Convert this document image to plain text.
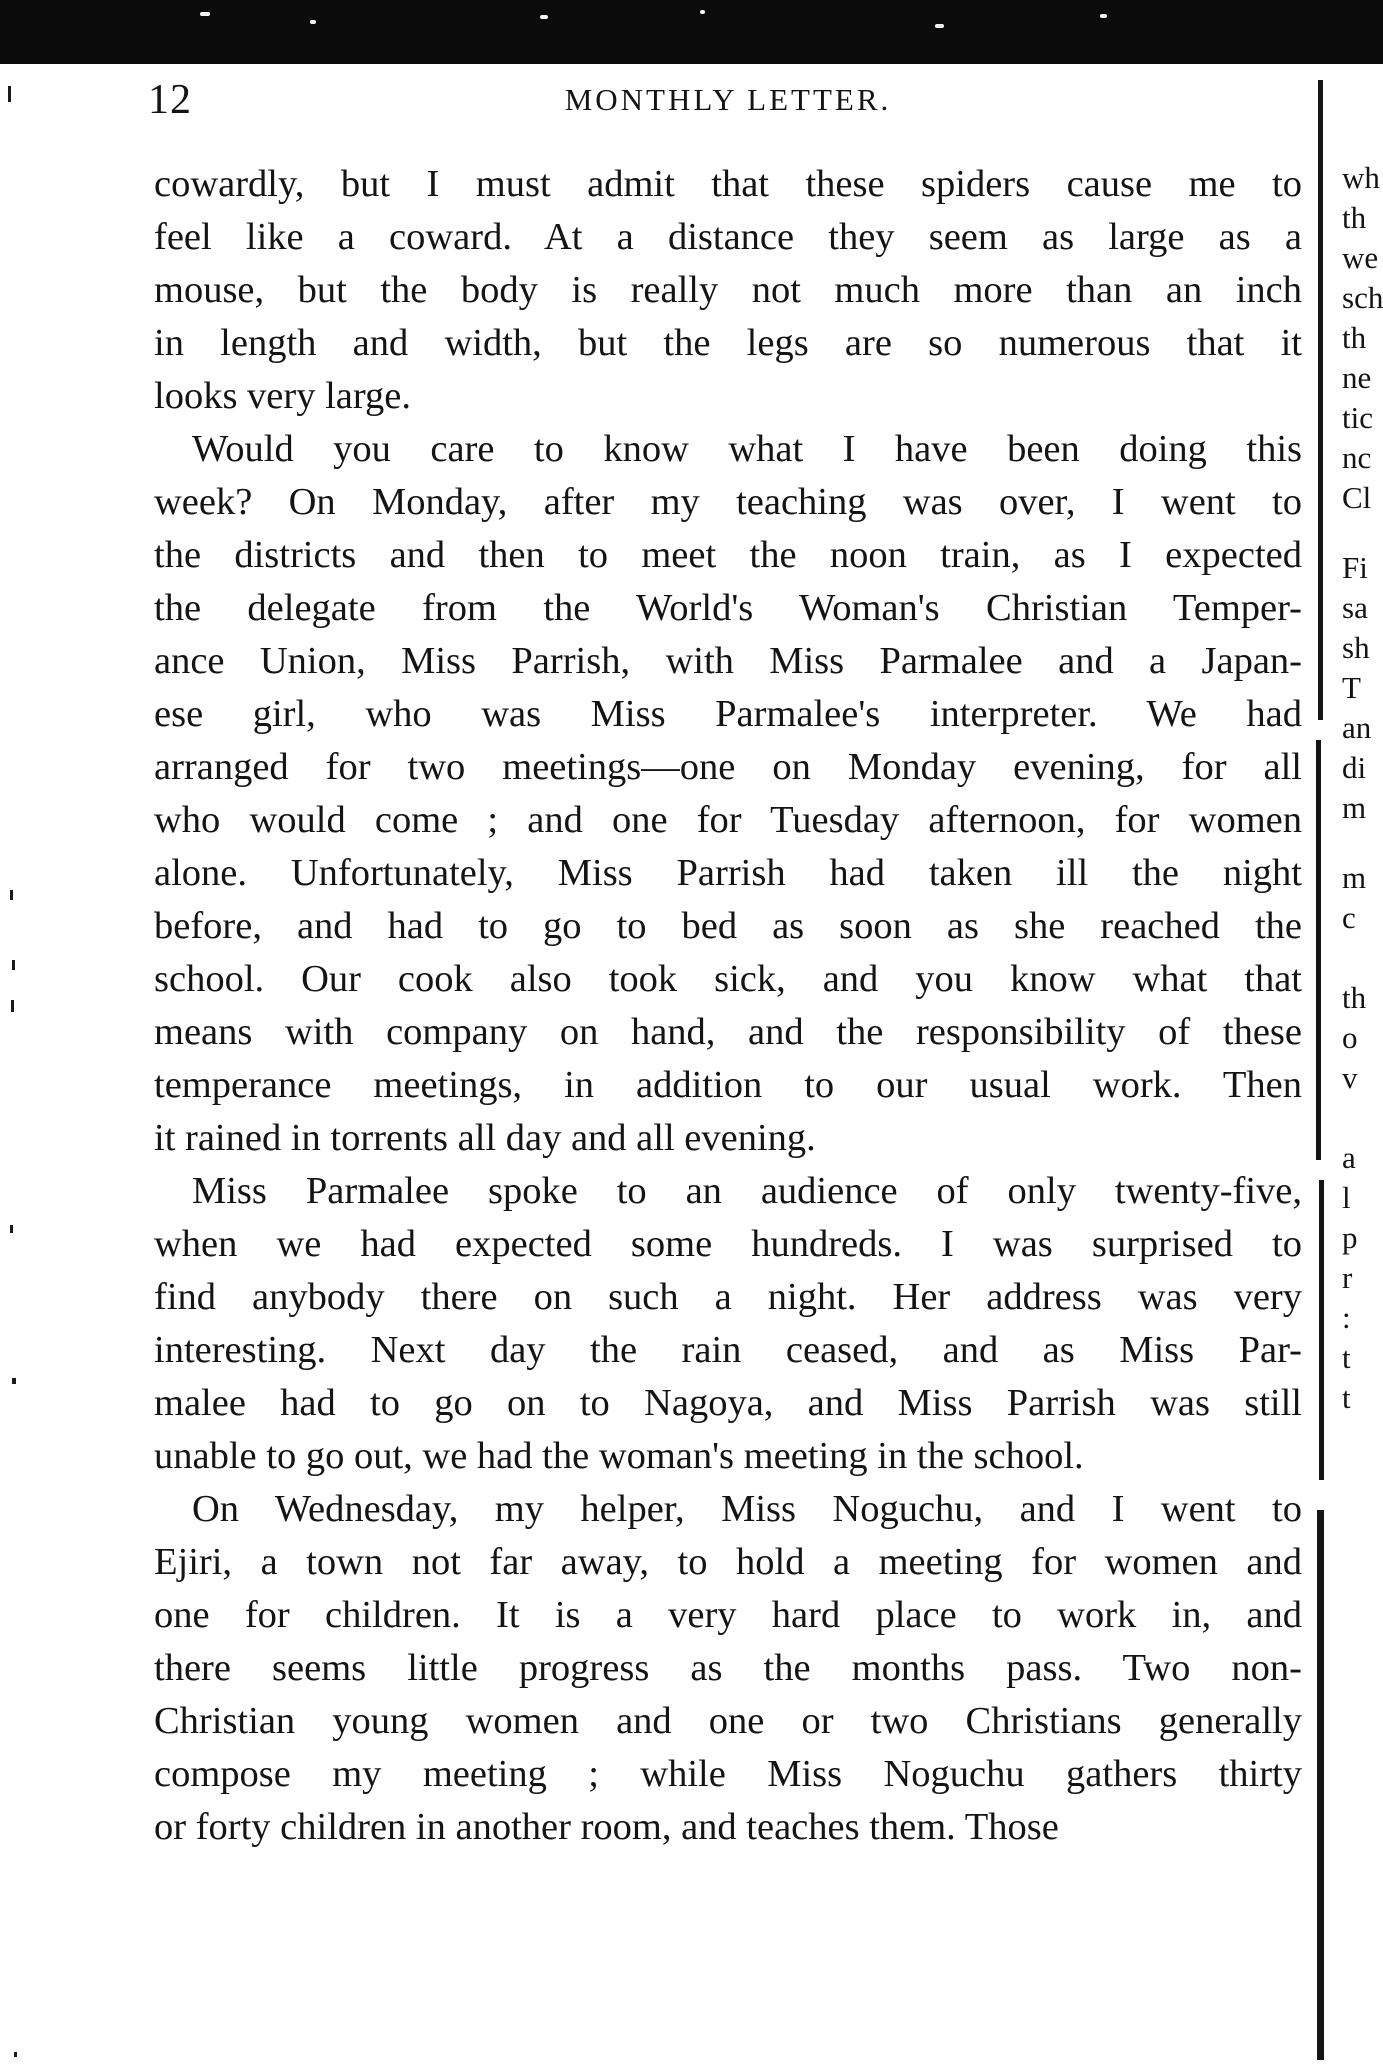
12	MONTHLY LETTER.
cowardly, but I must admit that these spiders cause me to
feel like a coward. At a distance they seem as large as a
mouse, but the body is really not much more than an inch
in length and width, but the legs are so numerous that it
looks very large.
Would you care to know what I have been doing this
week? On Monday, after my teaching was over, I went to
the districts and then to meet the noon train, as I expected
the delegate from the World's Woman's Christian Temper-
ance Union, Miss Parrish, with Miss Parmalee and a Japan-
ese girl, who was Miss Parmalee's interpreter. We had
arranged for two meetings—one on Monday evening, for all
who would come ; and one for Tuesday afternoon, for women
alone. Unfortunately, Miss Parrish had taken ill the night
before, and had to go to bed as soon as she reached the
school. Our cook also took sick, and you know what that
means with company on hand, and the responsibility of these
temperance meetings, in addition to our usual work. Then
it rained in torrents all day and all evening.
Miss Parmalee spoke to an audience of only twenty-five,
when we had expected some hundreds. I was surprised to
find anybody there on such a night. Her address was very
interesting. Next day the rain ceased, and as Miss Par-
malee had to go on to Nagoya, and Miss Parrish was still
unable to go out, we had the woman's meeting in the school.
On Wednesday, my helper, Miss Noguchu, and I went to
Ejiri, a town not far away, to hold a meeting for women and
one for children. It is a very hard place to work in, and
there seems little progress as the months pass. Two non-
Christian young women and one or two Christians generally
compose my meeting ; while Miss Noguchu gathers thirty
or forty children in another room, and teaches them. Those
wh
th
we
sch
th
ne
tic
nc
Cl
Fi
sa
sh
T
an
di
m
m
c
th
o
v
a
l
p
r
:
t
t
